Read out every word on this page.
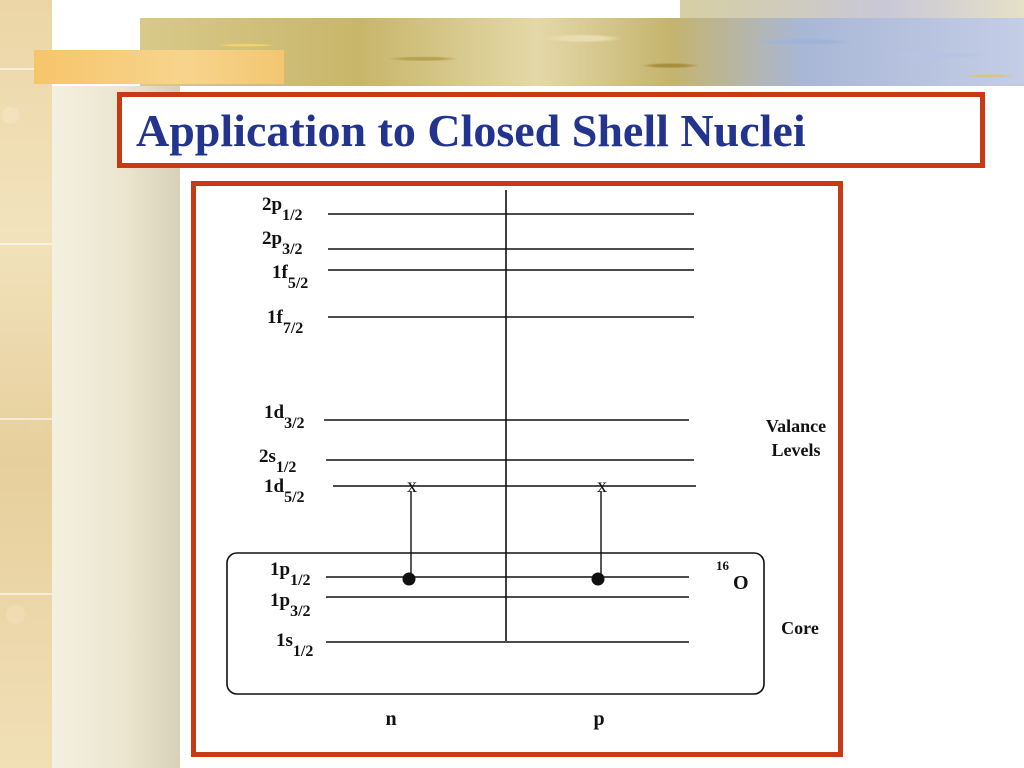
Application to Closed Shell Nuclei
$2p_{1/2}$
$2p_{3/2}$
$1f_{5/2}$
$1f_{7/2}$
$1d_{3/2}$
$2s_{1/2}$
$1d_{5/2}$
$1p_{1/2}$
$1p_{3/2}$
$1s_{1/2}$
x	x
Valance
Levels
Core
16
O
n	p
